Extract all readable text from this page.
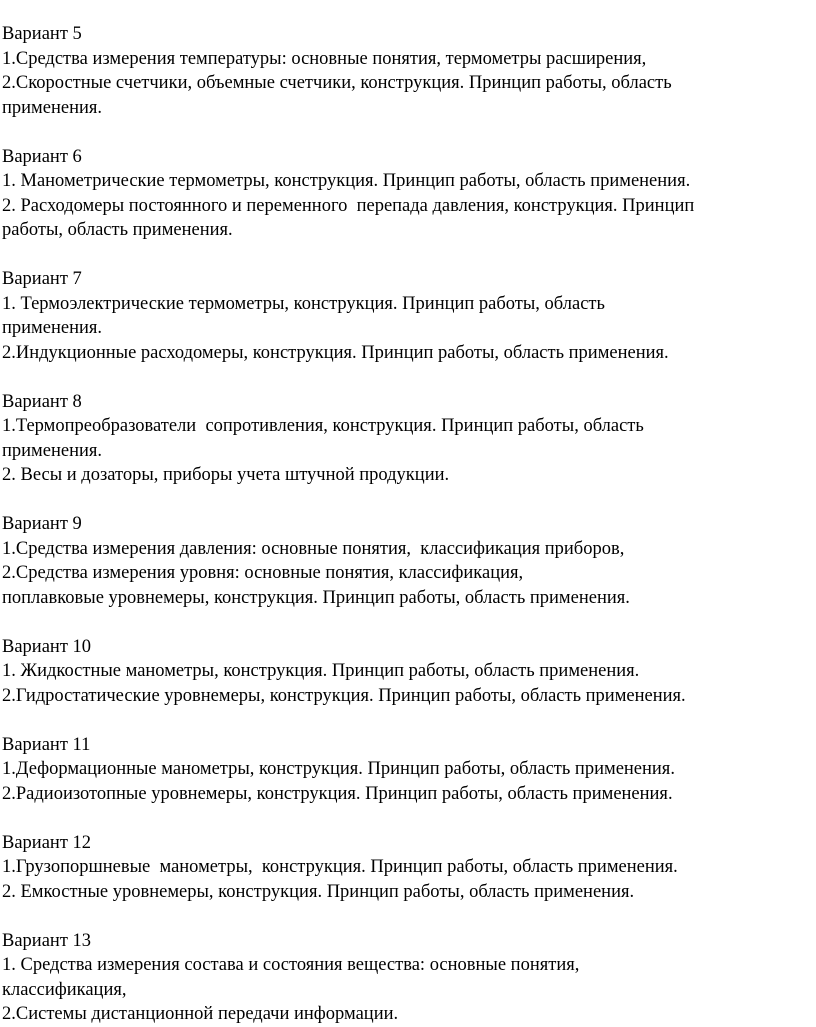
Вариант 5
1.Средства измерения температуры: основные понятия, термометры расширения,
2.Скоростные счетчики, объемные счетчики, конструкция. Принцип работы, область
применения.
Вариант 6
1. Манометрические термометры, конструкция. Принцип работы, область применения.
2. Расходомеры постоянного и переменного  перепада давления, конструкция. Принцип
работы, область применения.
Вариант 7
1. Термоэлектрические термометры, конструкция. Принцип работы, область
применения.
2.Индукционные расходомеры, конструкция. Принцип работы, область применения.
Вариант 8
1.Термопреобразователи  сопротивления, конструкция. Принцип работы, область
применения.
2. Весы и дозаторы, приборы учета штучной продукции.
Вариант 9
1.Средства измерения давления: основные понятия,  классификация приборов,
2.Средства измерения уровня: основные понятия, классификация,
поплавковые уровнемеры, конструкция. Принцип работы, область применения.
Вариант 10
1. Жидкостные манометры, конструкция. Принцип работы, область применения.
2.Гидростатические уровнемеры, конструкция. Принцип работы, область применения.
Вариант 11
1.Деформационные манометры, конструкция. Принцип работы, область применения.
2.Радиоизотопные уровнемеры, конструкция. Принцип работы, область применения.
Вариант 12
1.Грузопоршневые  манометры,  конструкция. Принцип работы, область применения.
2. Емкостные уровнемеры, конструкция. Принцип работы, область применения.
Вариант 13
1. Средства измерения состава и состояния вещества: основные понятия,
классификация,
2.Системы дистанционной передачи информации.
